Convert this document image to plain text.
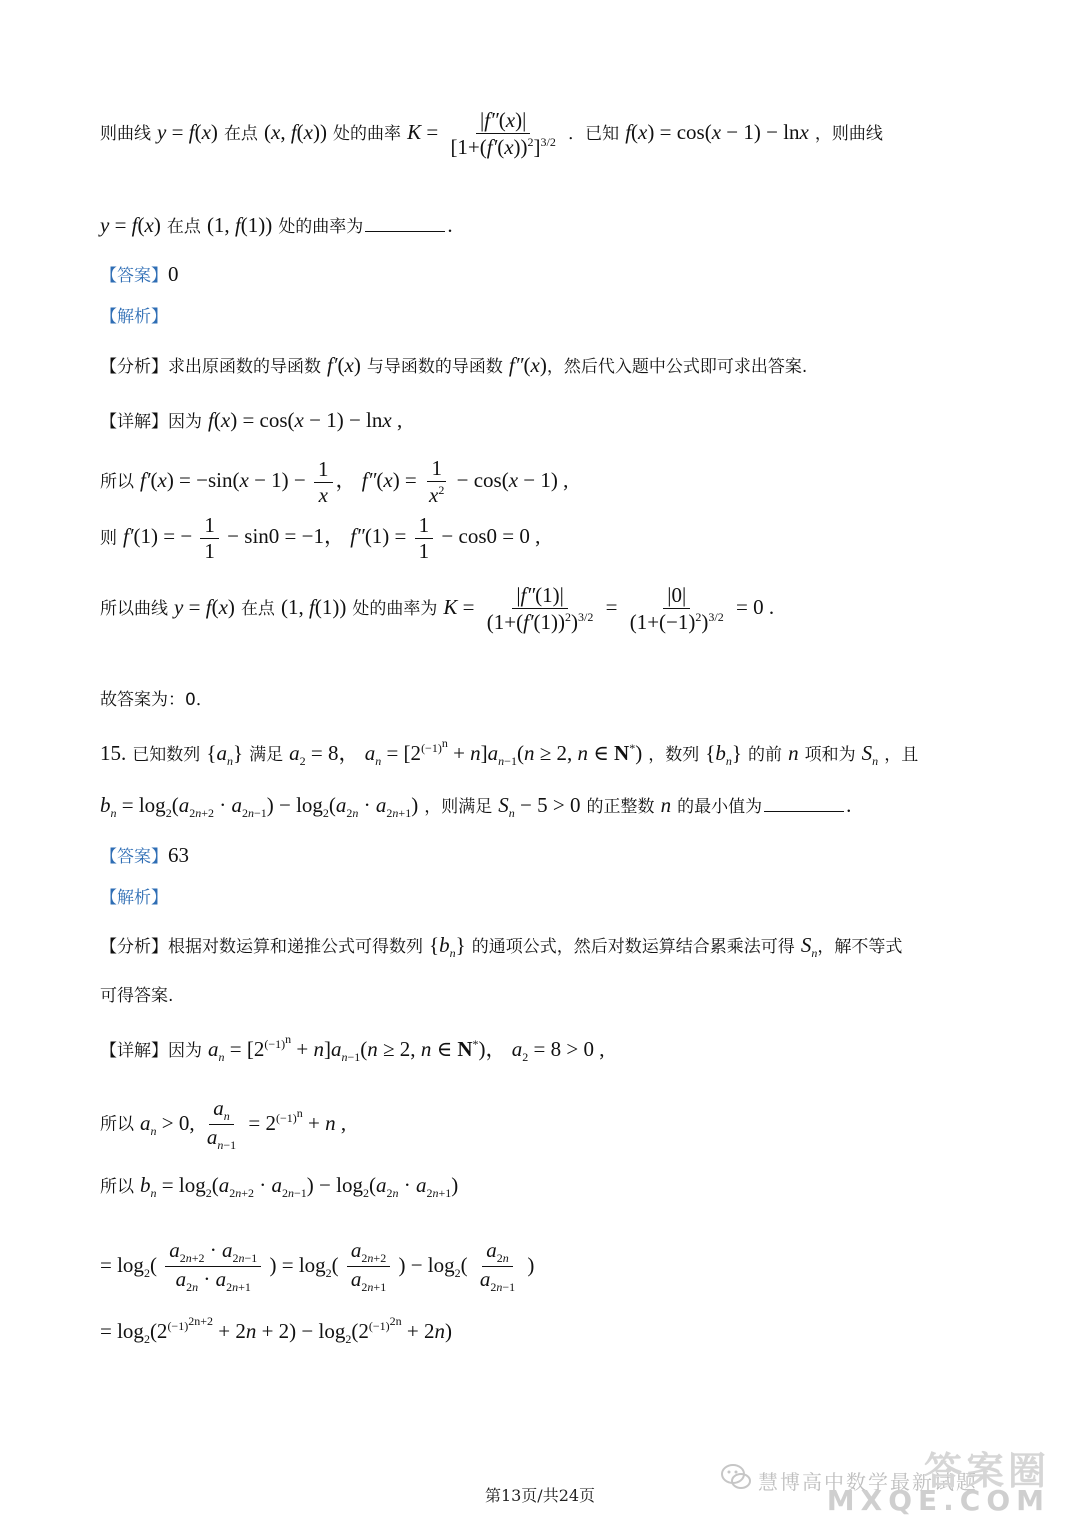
则曲线 y = f(x) 在点 (x, f(x)) 处的曲率 $K = \frac{|f''(x)|}{[1+(f'(x))^2]^{3/2}}$ ．已知 f(x) = cos(x − 1) − lnx ，则曲线
y = f(x) 在点 (1, f(1)) 处的曲率为	.
【答案】0
【解析】
【分析】求出原函数的导函数 f′(x) 与导函数的导函数 f″(x)，然后代入题中公式即可求出答案.
【详解】因为 f(x) = cos(x − 1) − lnx ,
所以 $f'(x) = -\sin(x - 1) - \frac{1}{x}$ ， $f''(x) = \frac{1}{x^2} - \cos(x - 1)$ ,
则 f′(1) = − $\frac{1}{1} - \sin 0 = -1$， $f''(1) = \frac{1}{1} - \cos 0 = 0$ ,
所以曲线 y = f(x) 在点 (1, f(1)) 处的曲率为 $K = \frac{|f''(1)|}{(1+(f'(1))^2)^{3/2}} = \frac{|0|}{(1+(-1)^2)^{3/2}} = 0$ .
故答案为：0．
15. 已知数列 $\{a_n\}$ 满足 $a_2 = 8$， $a_n = [2^{(-1)^n} + n]a_{n-1}(n \ge 2$, n ∈ N*) ，数列 $\{b_n\}$ 的前 n 项和为 $S_n$ ，且
$b_n = \log_2(a_{2n+2} \cdot a_{2n-1}) - \log_2(a_{2n} \cdot a_{2n+1})$ ，则满足 $S_n - 5 > 0$ 的正整数 n 的最小值为	.
【答案】63
【解析】
【分析】根据对数运算和递推公式可得数列 $\{b_n\}$ 的通项公式，然后对数运算结合累乘法可得 $S_n$，解不等式
可得答案.
【详解】因为 $a_n = [2^{(-1)^n} + n]a_{n-1}(n \ge 2$, n ∈ N*)， $a_2 = 8 > 0$ ,
所以 $a_n > 0$, $\frac{a_n}{a_{n-1}} = 2^{(-1)^n} + n$ ,
所以 $b_n = \log_2(a_{2n+2} \cdot a_{2n-1}) - \log_2(a_{2n} \cdot a_{2n+1})$
= $\log_2( \frac{a_{2n+2} \cdot a_{2n-1}}{a_{2n} \cdot a_{2n+1}}$ ) = $\log_2( \frac{a_{2n+2}}{a_{2n+1}}$ ) − $\log_2( \frac{a_{2n}}{a_{2n-1}}$ )
= $\log_2(2^{(-1)^{2n+2}} + 2n + 2) - \log_2(2^{(-1)^{2n}} + 2n)$
慧博高中数学最新试题
答案圈
MXQE.COM
第13页/共24页
